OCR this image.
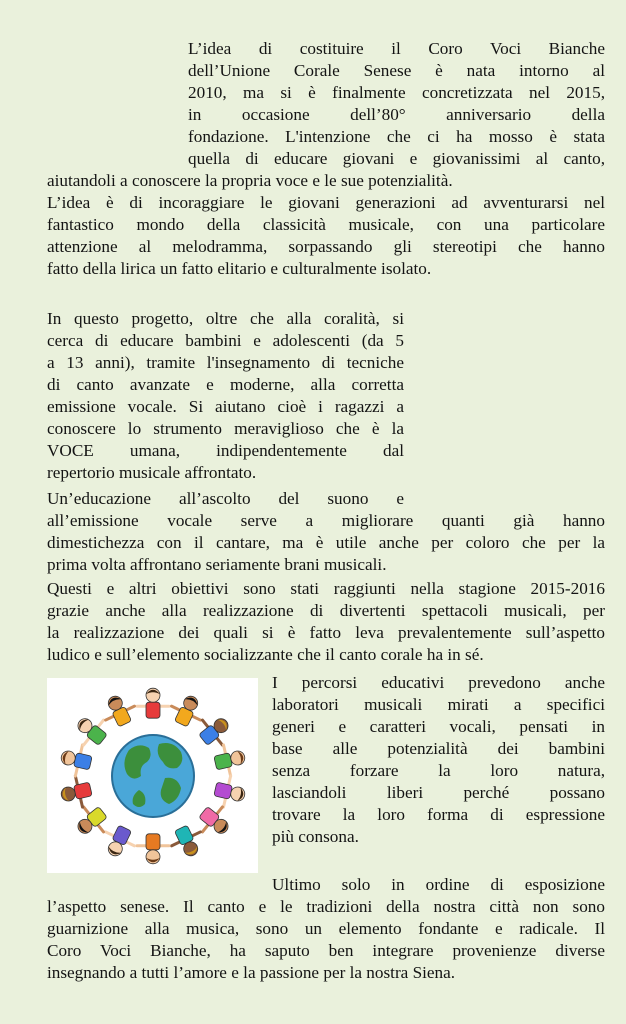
L’idea di costituire il Coro Voci Bianche
dell’Unione Corale Senese è nata intorno al
2010, ma si è finalmente concretizzata nel 2015,
in occasione dell’80° anniversario della
fondazione. L'intenzione che ci ha mosso è stata
quella di educare giovani e giovanissimi al canto,
aiutandoli a conoscere la propria voce e le sue potenzialità.
L’idea è di incoraggiare le giovani generazioni ad avventurarsi nel
fantastico mondo della classicità musicale, con una particolare
attenzione al melodramma, sorpassando gli stereotipi che hanno
fatto della lirica un fatto elitario e culturalmente isolato.
In questo progetto, oltre che alla coralità, si
cerca di educare bambini e adolescenti (da 5
a 13 anni), tramite l'insegnamento di tecniche
di canto avanzate e moderne, alla corretta
emissione vocale. Si aiutano cioè i ragazzi a
conoscere lo strumento meraviglioso che è la
VOCE umana, indipendentemente dal
repertorio musicale affrontato.
Un’educazione all’ascolto del suono e
all’emissione vocale serve a migliorare quanti già hanno
dimestichezza con il cantare, ma è utile anche per coloro che per la
prima volta affrontano seriamente brani musicali.
Questi e altri obiettivi sono stati raggiunti nella stagione 2015-2016
grazie anche alla realizzazione di divertenti spettacoli musicali, per
la realizzazione dei quali si è fatto leva prevalentemente sull’aspetto
ludico e sull’elemento socializzante che il canto corale ha in sé.
I percorsi educativi prevedono anche
laboratori musicali mirati a specifici
generi e caratteri vocali, pensati in
base alle potenzialità dei bambini
senza forzare la loro natura,
lasciandoli liberi perché possano
trovare la loro forma di espressione
più consona.
Ultimo solo in ordine di esposizione
l’aspetto senese. Il canto e le tradizioni della nostra città non sono
guarnizione alla musica, sono un elemento fondante e radicale. Il
Coro Voci Bianche, ha saputo ben integrare provenienze diverse
insegnando a tutti l’amore e la passione per la nostra Siena.
